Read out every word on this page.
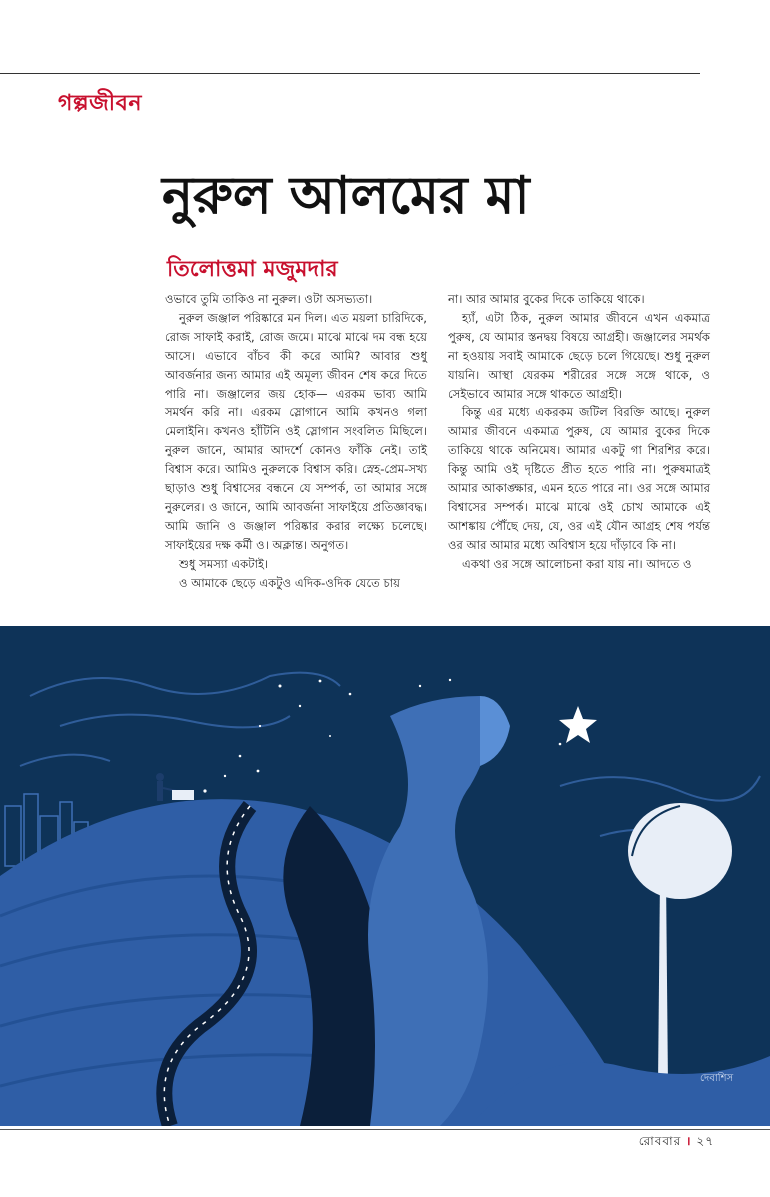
গল্পজীবন
নুরুল আলমের মা
তিলোত্তমা মজুমদার

ওভাবে তুমি তাকিও না নুরুল। ওটা অসভ্যতা।

নুরুল জঞ্জাল পরিষ্কারে মন দিল। এত ময়লা চারিদিকে, রোজ সাফাই করাই, রোজ জমে। মাঝে মাঝে দম বন্ধ হয়ে আসে। এভাবে বাঁচব কী করে আমি? আবার শুধু আবর্জনার জন্য আমার এই অমূল্য জীবন শেষ করে দিতে পারি না। জঞ্জালের জয় হোক— এরকম ভাব্য আমি সমর্থন করি না। এরকম স্লোগানে আমি কখনও গলা মেলাইনি। কখনও হাঁটিনি ওই স্লোগান সংবলিত মিছিলে। নুরুল জানে, আমার আদর্শে কোনও ফাঁকি নেই। তাই বিশ্বাস করে। আমিও নুরুলকে বিশ্বাস করি। স্নেহ-প্রেম-সখ্য ছাড়াও শুধু বিশ্বাসের বন্ধনে যে সম্পর্ক, তা আমার সঙ্গে নুরুলের। ও জানে, আমি আবর্জনা সাফাইয়ে প্রতিজ্ঞাবদ্ধ। আমি জানি ও জঞ্জাল পরিষ্কার করার লক্ষ্যে চলেছে। সাফাইয়ের দক্ষ কর্মী ও। অক্লান্ত। অনুগত।

শুধু সমস্যা একটাই।

ও আমাকে ছেড়ে একটুও এদিক-ওদিক যেতে চায়

না। আর আমার বুকের দিকে তাকিয়ে থাকে।

হ্যাঁ, এটা ঠিক, নুরুল আমার জীবনে এখন একমাত্র পুরুষ, যে আমার স্তনদ্বয় বিষয়ে আগ্রহী। জঞ্জালের সমর্থক না হওয়ায় সবাই আমাকে ছেড়ে চলে গিয়েছে। শুধু নুরুল যায়নি। আস্থা যেরকম শরীরের সঙ্গে সঙ্গে থাকে, ও সেইভাবে আমার সঙ্গে থাকতে আগ্রহী।

কিন্তু এর মধ্যে একরকম জটিল বিরক্তি আছে। নুরুল আমার জীবনে একমাত্র পুরুষ, যে আমার বুকের দিকে তাকিয়ে থাকে অনিমেষ। আমার একটু গা শিরশির করে। কিন্তু আমি ওই দৃষ্টিতে প্রীত হতে পারি না। পুরুষমাত্রই আমার আকাঙ্ক্ষার, এমন হতে পারে না। ওর সঙ্গে আমার বিশ্বাসের সম্পর্ক। মাঝে মাঝে ওই চোখ আমাকে এই আশঙ্কায় পৌঁছে দেয়, যে, ওর এই যৌন আগ্রহ শেষ পর্যন্ত ওর আর আমার মধ্যে অবিশ্বাস হয়ে দাঁড়াবে কি না।

একথা ওর সঙ্গে আলোচনা করা যায় না। আদতে ও

দেবাশিস
রোববার । ২৭
